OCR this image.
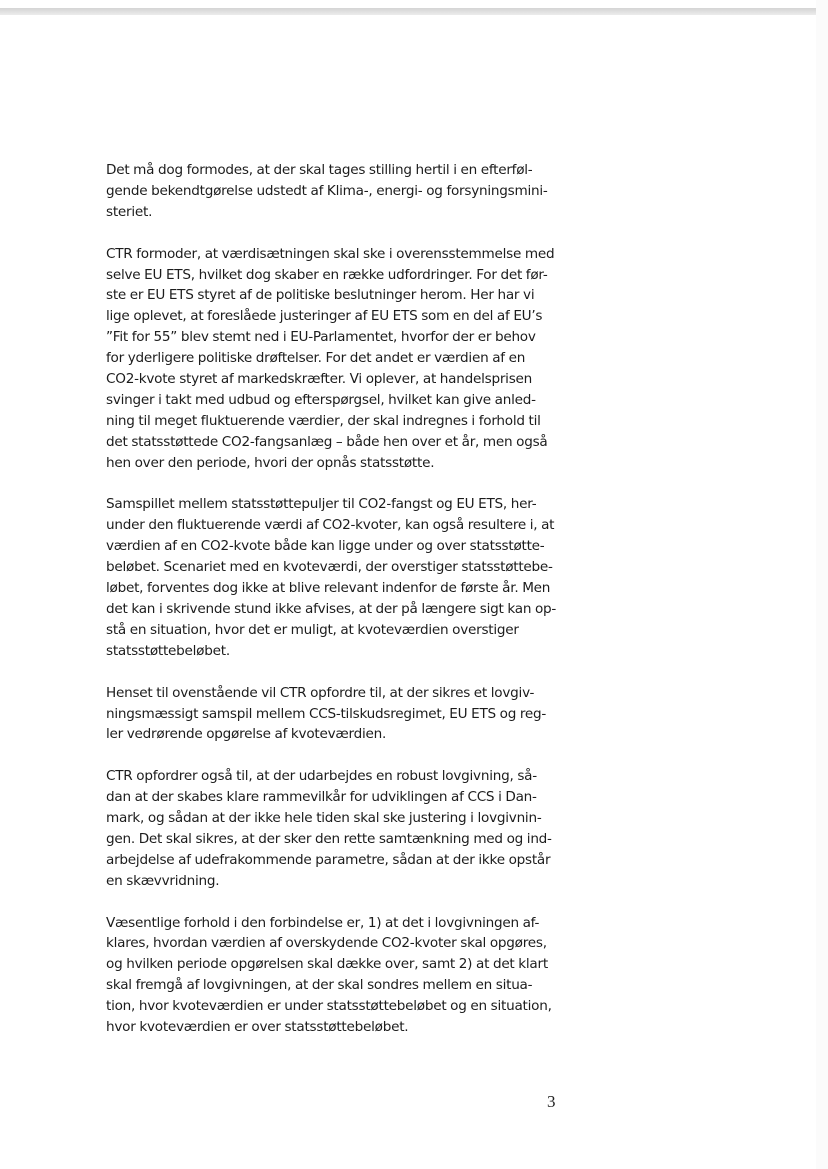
Det må dog formodes, at der skal tages stilling hertil i en efterføl-
gende bekendtgørelse udstedt af Klima-, energi- og forsyningsmini-
steriet.
CTR formoder, at værdisætningen skal ske i overensstemmelse med
selve EU ETS, hvilket dog skaber en række udfordringer. For det før-
ste er EU ETS styret af de politiske beslutninger herom. Her har vi
lige oplevet, at foreslåede justeringer af EU ETS som en del af EU’s
”Fit for 55” blev stemt ned i EU-Parlamentet, hvorfor der er behov
for yderligere politiske drøftelser. For det andet er værdien af en
CO2-kvote styret af markedskræfter. Vi oplever, at handelsprisen
svinger i takt med udbud og efterspørgsel, hvilket kan give anled-
ning til meget fluktuerende værdier, der skal indregnes i forhold til
det statsstøttede CO2-fangsanlæg – både hen over et år, men også
hen over den periode, hvori der opnås statsstøtte.
Samspillet mellem statsstøttepuljer til CO2-fangst og EU ETS, her-
under den fluktuerende værdi af CO2-kvoter, kan også resultere i, at
værdien af en CO2-kvote både kan ligge under og over statsstøtte-
beløbet. Scenariet med en kvoteværdi, der overstiger statsstøttebe-
løbet, forventes dog ikke at blive relevant indenfor de første år. Men
det kan i skrivende stund ikke afvises, at der på længere sigt kan op-
stå en situation, hvor det er muligt, at kvoteværdien overstiger
statsstøttebeløbet.
Henset til ovenstående vil CTR opfordre til, at der sikres et lovgiv-
ningsmæssigt samspil mellem CCS-tilskudsregimet, EU ETS og reg-
ler vedrørende opgørelse af kvoteværdien.
CTR opfordrer også til, at der udarbejdes en robust lovgivning, så-
dan at der skabes klare rammevilkår for udviklingen af CCS i Dan-
mark, og sådan at der ikke hele tiden skal ske justering i lovgivnin-
gen. Det skal sikres, at der sker den rette samtænkning med og ind-
arbejdelse af udefrakommende parametre, sådan at der ikke opstår
en skævvridning.
Væsentlige forhold i den forbindelse er, 1) at det i lovgivningen af-
klares, hvordan værdien af overskydende CO2-kvoter skal opgøres,
og hvilken periode opgørelsen skal dække over, samt 2) at det klart
skal fremgå af lovgivningen, at der skal sondres mellem en situa-
tion, hvor kvoteværdien er under statsstøttebeløbet og en situation,
hvor kvoteværdien er over statsstøttebeløbet.
3
